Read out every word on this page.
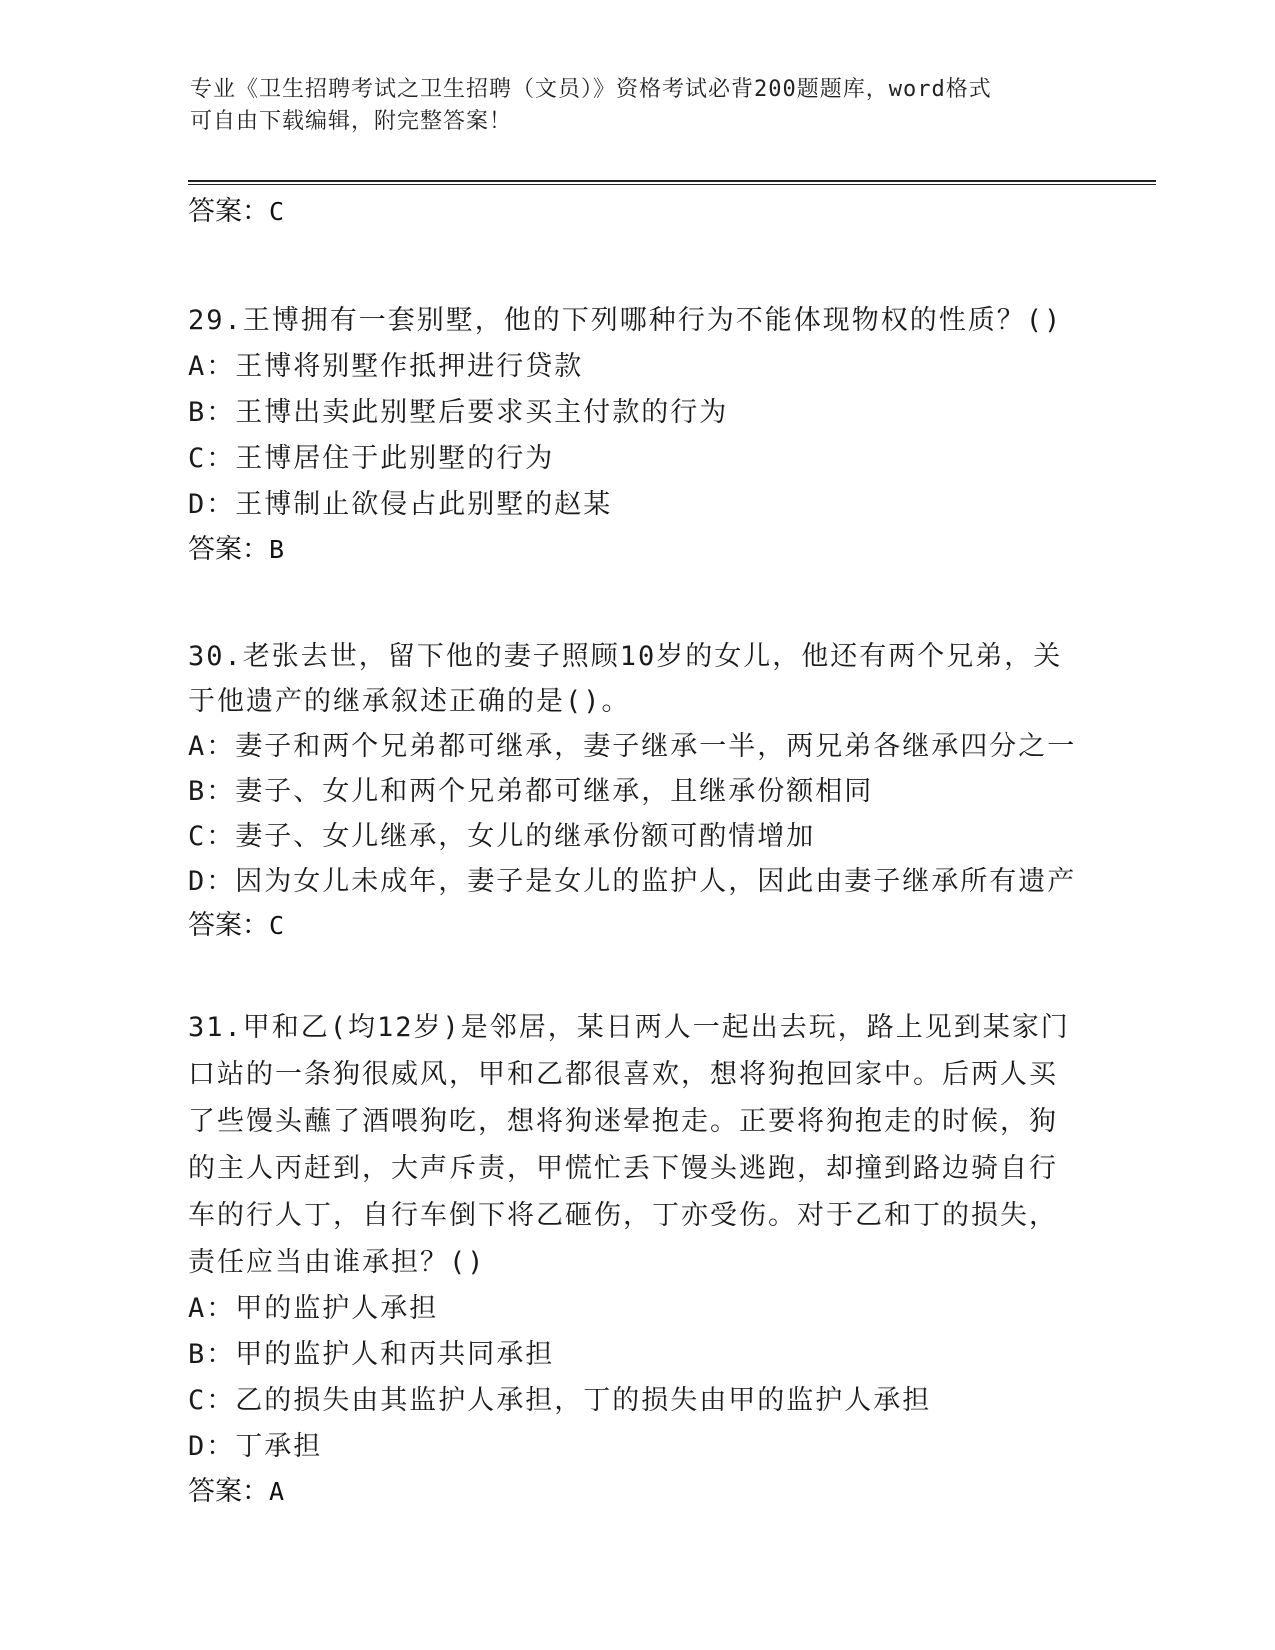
专业《卫生招聘考试之卫生招聘（文员）》资格考试必背200题题库，word格式
可自由下载编辑，附完整答案！
答案：C
29.王博拥有一套别墅，他的下列哪种行为不能体现物权的性质？()
A：王博将别墅作抵押进行贷款
B：王博出卖此别墅后要求买主付款的行为
C：王博居住于此别墅的行为
D：王博制止欲侵占此别墅的赵某
答案：B
30.老张去世，留下他的妻子照顾10岁的女儿，他还有两个兄弟，关
于他遗产的继承叙述正确的是()。
A：妻子和两个兄弟都可继承，妻子继承一半，两兄弟各继承四分之一
B：妻子、女儿和两个兄弟都可继承，且继承份额相同
C：妻子、女儿继承，女儿的继承份额可酌情增加
D：因为女儿未成年，妻子是女儿的监护人，因此由妻子继承所有遗产
答案：C
31.甲和乙(均12岁)是邻居，某日两人一起出去玩，路上见到某家门
口站的一条狗很威风，甲和乙都很喜欢，想将狗抱回家中。后两人买
了些馒头蘸了酒喂狗吃，想将狗迷晕抱走。正要将狗抱走的时候，狗
的主人丙赶到，大声斥责，甲慌忙丢下馒头逃跑，却撞到路边骑自行
车的行人丁，自行车倒下将乙砸伤，丁亦受伤。对于乙和丁的损失，
责任应当由谁承担？()
A：甲的监护人承担
B：甲的监护人和丙共同承担
C：乙的损失由其监护人承担，丁的损失由甲的监护人承担
D：丁承担
答案：A
